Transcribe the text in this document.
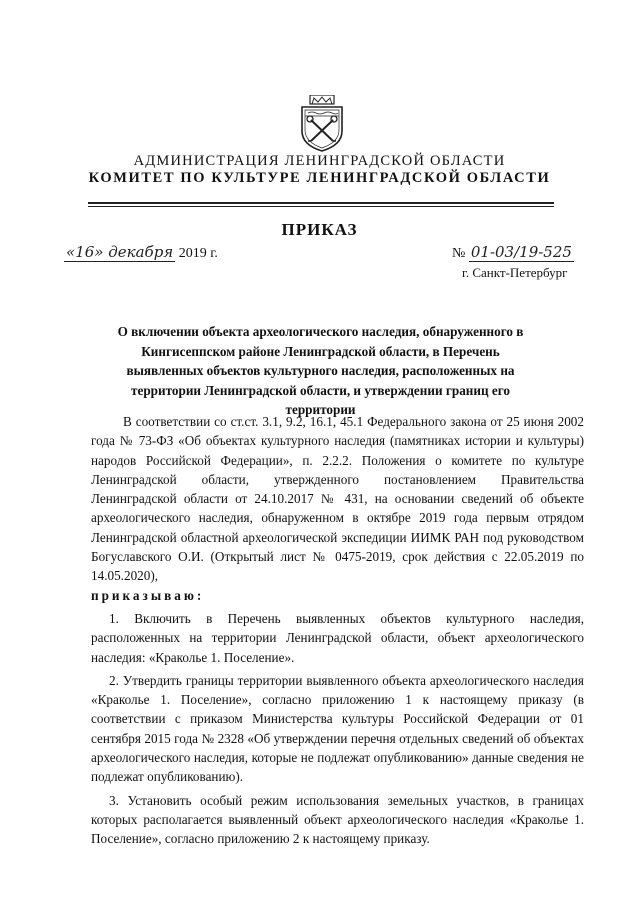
АДМИНИСТРАЦИЯ ЛЕНИНГРАДСКОЙ ОБЛАСТИ
КОМИТЕТ ПО КУЛЬТУРЕ ЛЕНИНГРАДСКОЙ ОБЛАСТИ
ПРИКАЗ
«16» декабря 2019 г.	№ 01-03/19-525
г. Санкт-Петербург
О включении объекта археологического наследия, обнаруженного в Кингисеппском районе Ленинградской области, в Перечень выявленных объектов культурного наследия, расположенных на территории Ленинградской области, и утверждении границ его территории

В соответствии со ст.ст. 3.1, 9.2, 16.1, 45.1 Федерального закона от 25 июня 2002 года № 73-ФЗ «Об объектах культурного наследия (памятниках истории и культуры) народов Российской Федерации», п. 2.2.2. Положения о комитете по культуре Ленинградской области, утвержденного постановлением Правительства Ленинградской области от 24.10.2017 № 431, на основании сведений об объекте археологического наследия, обнаруженном в октябре 2019 года первым отрядом Ленинградской областной археологической экспедиции ИИМК РАН под руководством Богуславского О.И. (Открытый лист № 0475-2019, срок действия с 22.05.2019 по 14.05.2020),

приказываю:

1. Включить в Перечень выявленных объектов культурного наследия, расположенных на территории Ленинградской области, объект археологического наследия: «Краколье 1. Поселение».

2. Утвердить границы территории выявленного объекта археологического наследия «Краколье 1. Поселение», согласно приложению 1 к настоящему приказу (в соответствии с приказом Министерства культуры Российской Федерации от 01 сентября 2015 года № 2328 «Об утверждении перечня отдельных сведений об объектах археологического наследия, которые не подлежат опубликованию» данные сведения не подлежат опубликованию).

3. Установить особый режим использования земельных участков, в границах которых располагается выявленный объект археологического наследия «Краколье 1. Поселение», согласно приложению 2 к настоящему приказу.
